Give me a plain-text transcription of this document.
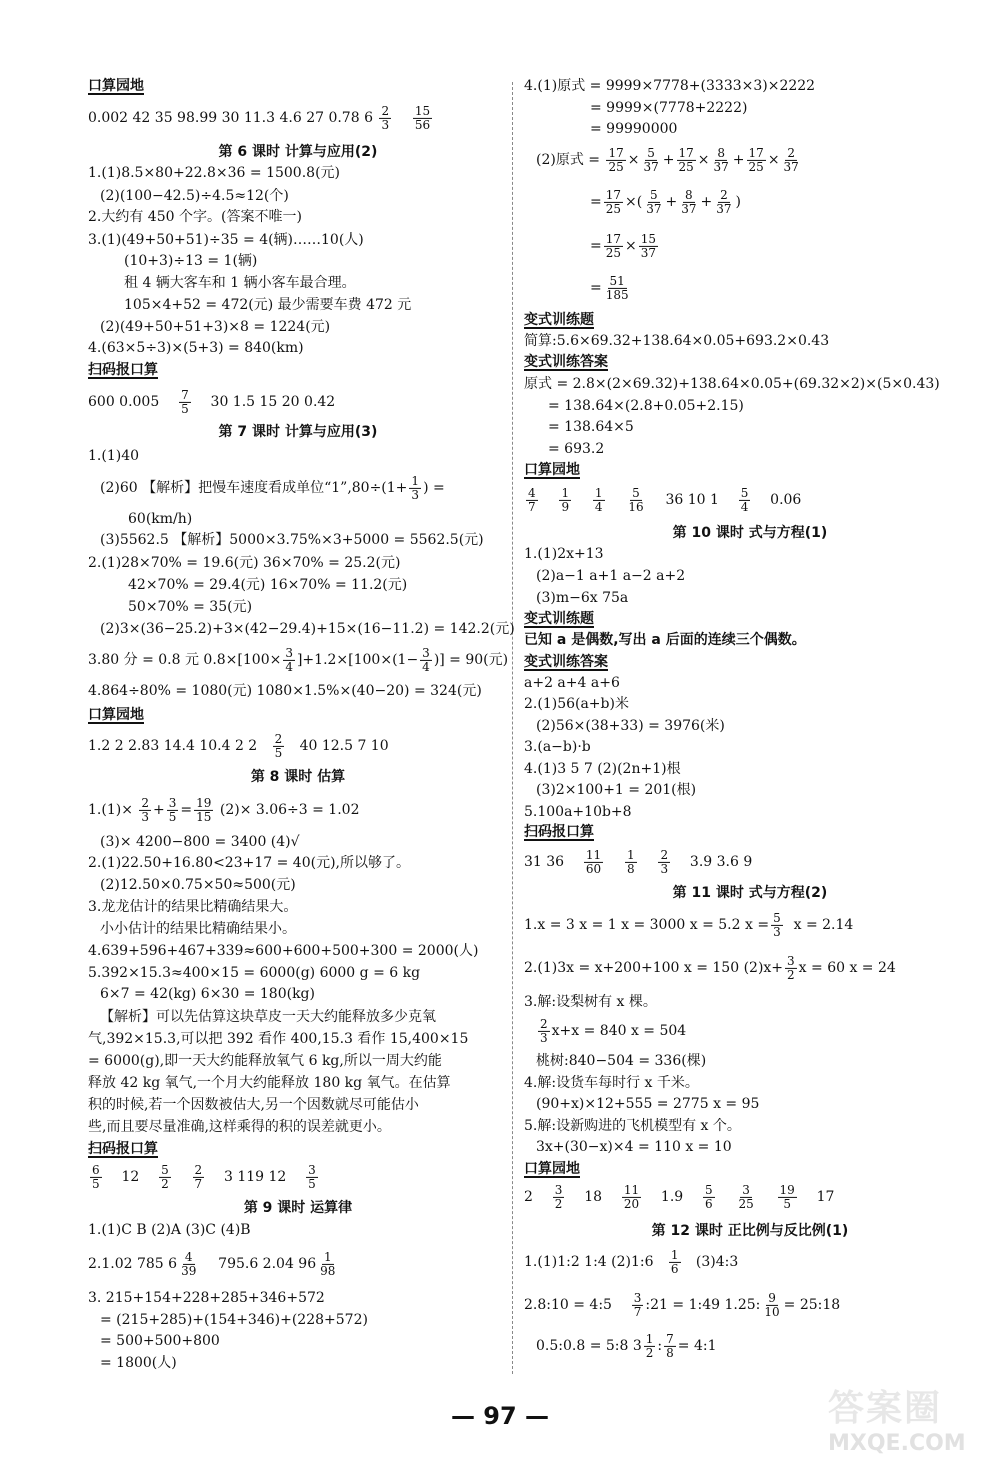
口算园地
0.002 42 35 98.99 30 11.3 4.6 27 0.78 $6 \frac{2}{3}$
$\frac{15}{56}$
第 6 课时 计算与应用(2)
1.(1)8.5×80+22.8×36 = 1500.8(元)
(2)(100−42.5)÷4.5≈12(个)
2.大约有 450 个字。(答案不唯一)
3.(1)(49+50+51)÷35 = 4(辆)……10(人)
(10+3)÷13 = 1(辆)
租 4 辆大客车和 1 辆小客车最合理。
105×4+52 = 472(元) 最少需要车费 472 元
(2)(49+50+51+3)×8 = 1224(元)
4.(63×5÷3)×(5+3) = 840(km)
扫码报口算
600 $0.005 \frac{7}{5} 30$ 1.5 15 20 0.42
第 7 课时 计算与应用(3)
1.(1)40
(2)60 【解析】把慢车速度看成单位“1”,80÷(1+ $\frac{1}{3}$ ) =
60(km/h)
(3)5562.5 【解析】5000×3.75%×3+5000 = 5562.5(元)
2.(1)28×70% = 19.6(元) 36×70% = 25.2(元)
42×70% = 29.4(元) 16×70% = 11.2(元)
50×70% = 35(元)
(2)3×(36−25.2)+3×(42−29.4)+15×(16−11.2) = 142.2(元)
3.80 分 = 0.8 元 $0.8\times[100\times \frac{3}{4} ]+1.2\times[100\times(1- \frac{3}{4}$ )] = 90(元)
4.864÷80% = 1080(元) 1080×1.5%×(40−20) = 324(元)
口算园地
1.2 2 2.83 14.4 10.4 2 $2 \frac{2}{5} 40$ 12.5 7 10
第 8 课时 估算
$1.(1)\times \frac{2}{3} + \frac{3}{5} = \frac{19}{15} (2)\times 3.06\div 3 = 1.02$
(3)× 4200−800 = 3400 (4)√
2.(1)22.50+16.80<23+17 = 40(元),所以够了。
(2)12.50×0.75×50≈500(元)
3.龙龙估计的结果比精确结果大。
小小估计的结果比精确结果小。
4.639+596+467+339≈600+600+500+300 = 2000(人)
5.392×15.3≈400×15 = 6000(g) 6000 g = 6 kg
6×7 = 42(kg) 6×30 = 180(kg)
【解析】可以先估算这块草皮一天大约能释放多少克氧
气,392×15.3,可以把 392 看作 400,15.3 看作 15,400×15
= 6000(g),即一天大约能释放氧气 6 kg,所以一周大约能
释放 42 kg 氧气,一个月大约能释放 180 kg 氧气。在估算
积的时候,若一个因数被估大,另一个因数就尽可能估小
些,而且要尽量准确,这样乘得的积的误差就更小。
扫码报口算
$\frac{6}{5} 12 \frac{5}{2}$
$\frac{2}{7} 3$ 119 $12 \frac{3}{5}$
第 9 课时 运算律
1.(1)C B (2)A (3)C (4)B
2.1.02 785 $6 \frac{4}{39} 795.6$ 2.04 $96 \frac{1}{98}$
3. 215+154+228+285+346+572
= (215+285)+(154+346)+(228+572)
= 500+500+800
= 1800(人)
4.(1)原式 = 9999×7778+(3333×3)×2222
= 9999×(7778+2222)
= 99990000
(2)原式 = $\frac{17}{25} \times \frac{5}{37} + \frac{17}{25} \times \frac{8}{37} + \frac{17}{25} \times \frac{2}{37}$
= $\frac{17}{25}$ ×( $\frac{5}{37} + \frac{8}{37} + \frac{2}{37}$ )
= $\frac{17}{25} \times \frac{15}{37}$
= $\frac{51}{185}$
变式训练题
简算:5.6×69.32+138.64×0.05+693.2×0.43
变式训练答案
原式 = 2.8×(2×69.32)+138.64×0.05+(69.32×2)×(5×0.43)
= 138.64×(2.8+0.05+2.15)
= 138.64×5
= 693.2
口算园地
$\frac{4}{7}$
$\frac{1}{9}$
$\frac{1}{4}$
$\frac{5}{16} 36$ 10 $1 \frac{5}{4} 0.06$
第 10 课时 式与方程(1)
1.(1)2x+13
(2)a−1 a+1 a−2 a+2
(3)m−6x 75a
变式训练题
已知 a 是偶数,写出 a 后面的连续三个偶数。
变式训练答案
a+2 a+4 a+6
2.(1)56(a+b)米
(2)56×(38+33) = 3976(米)
3.(a−b)·b
4.(1)3 5 7 (2)(2n+1)根
(3)2×100+1 = 201(根)
5.100a+10b+8
扫码报口算
31 $36 \frac{11}{60}$
$\frac{1}{8}$
$\frac{2}{3} 3.9$ 3.6 9
第 11 课时 式与方程(2)
1.x = 3 x = 1 x = 3000 x = 5.2 $x = \frac{5}{3}$ x = 2.14
2.(1)3x = x+200+100 x = 150 $(2)x+ \frac{3}{2}$ x = 60 x = 24
3.解:设梨树有 x 棵。
$\frac{2}{3} x+x = 840$ x = 504
桃树:840−504 = 336(棵)
4.解:设货车每时行 x 千米。
(90+x)×12+555 = 2775 x = 95
5.解:设新购进的飞机模型有 x 个。
3x+(30−x)×4 = 110 x = 10
口算园地
$2 \frac{3}{2} 18 \frac{11}{20} 1.9 \frac{5}{6}$
$\frac{3}{25}$
$\frac{19}{5} 17$
第 12 课时 正比例与反比例(1)
1.(1)1:2 1:4 (2)1:6 $\frac{1}{6}$ (3)4:3
2.8:10 = 4:5 $\frac{3}{7}$ :21 = 1:49 1.25: $\frac{9}{10}$ = 25:18
0.5:0.8 = 5:8 $3 \frac{1}{2}$ : $\frac{7}{8}$ = 4:1
— 97 —	答案圈
MXQE.COM
